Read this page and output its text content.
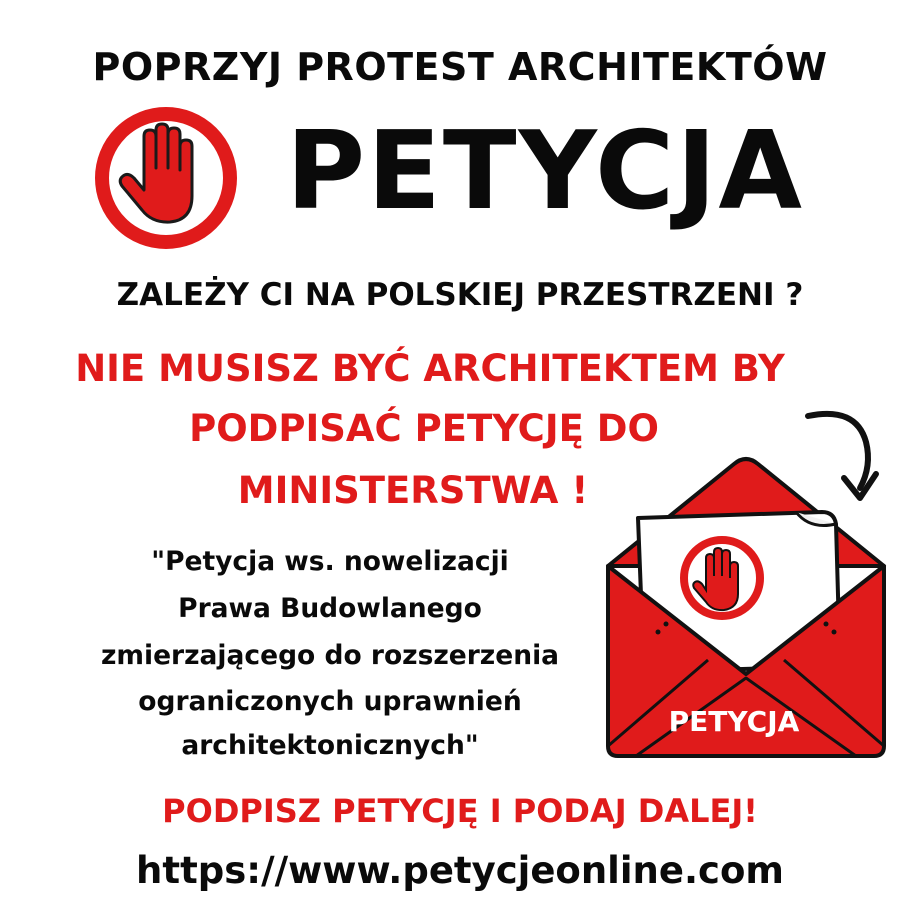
POPRZYJ PROTEST ARCHITEKTÓW
PETYCJA
ZALEŻY CI NA POLSKIEJ PRZESTRZENI ?
NIE MUSISZ BYĆ ARCHITEKTEM BY
PODPISAĆ PETYCJĘ DO
MINISTERSTWA !
"Petycja ws. nowelizacji
Prawa Budowlanego
zmierzającego do rozszerzenia
ograniczonych uprawnień
architektonicznych"
PETYCJA
PODPISZ PETYCJĘ I PODAJ DALEJ!
https://www.petycjeonline.com
